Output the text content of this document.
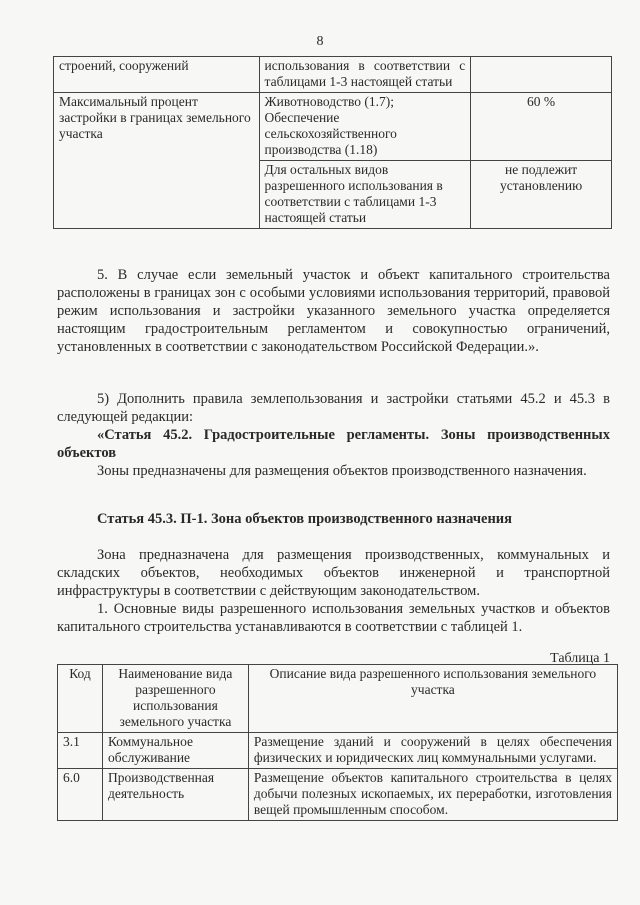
8
строений, сооружений	использования в соответствии с таблицами 1-3 настоящей статьи	
Максимальный процент застройки в границах земельного участка	Животноводство (1.7); Обеспечение сельскохозяйственного производства (1.18)	60 %
	Для остальных видов разрешенного использования в соответствии с таблицами 1-3 настоящей статьи	не подлежит установлению

5. В случае если земельный участок и объект капитального строительства расположены в границах зон с особыми условиями использования территорий, правовой режим использования и застройки указанного земельного участка определяется настоящим градостроительным регламентом и совокупностью ограничений, установленных в соответствии с законодательством Российской Федерации.».

5) Дополнить правила землепользования и застройки статьями 45.2 и 45.3 в следующей редакции:

«Статья 45.2. Градостроительные регламенты. Зоны производственных объектов

Зоны предназначены для размещения объектов производственного назначения.

Статья 45.3. П-1. Зона объектов производственного назначения

Зона предназначена для размещения производственных, коммунальных и складских объектов, необходимых объектов инженерной и транспортной инфраструктуры в соответствии с действующим законодательством.

1. Основные виды разрешенного использования земельных участков и объектов капитального строительства устанавливаются в соответствии с таблицей 1.

Таблица 1
Код	Наименование вида разрешенного использования земельного участка	Описание вида разрешенного использования земельного участка
3.1	Коммунальное обслуживание	Размещение зданий и сооружений в целях обеспечения физических и юридических лиц коммунальными услугами.
6.0	Производственная деятельность	Размещение объектов капитального строительства в целях добычи полезных ископаемых, их переработки, изготовления вещей промышленным способом.
